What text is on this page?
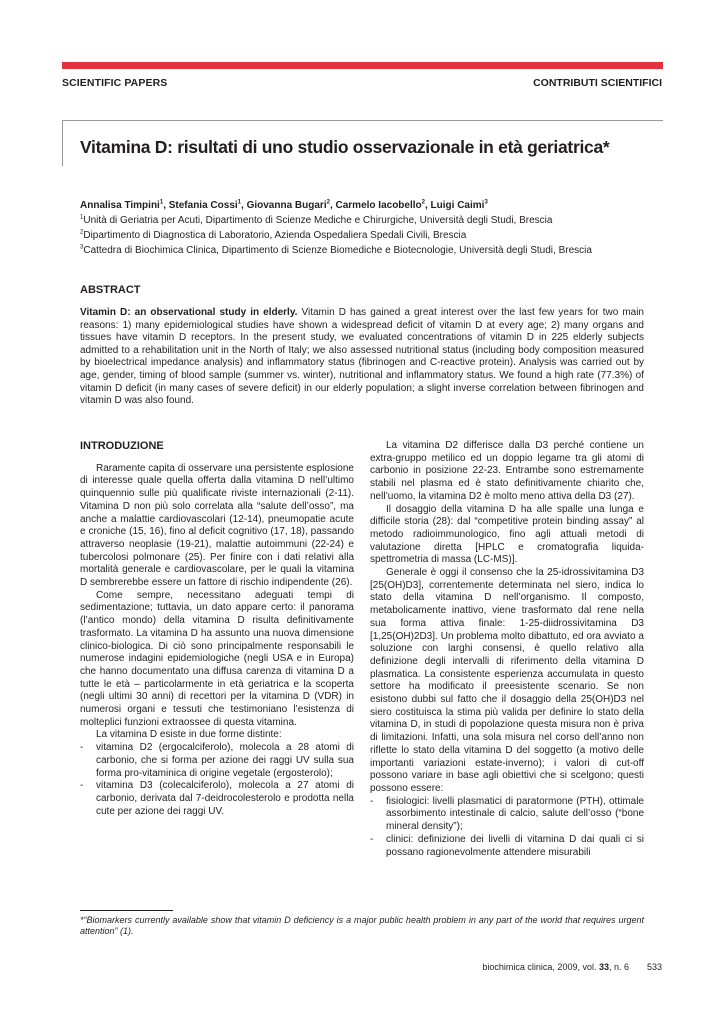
SCIENTIFIC PAPERS	CONTRIBUTI SCIENTIFICI
Vitamina D: risultati di uno studio osservazionale in età geriatrica*
Annalisa Timpini$^1$, Stefania Cossi$^1$, Giovanna Bugari$^2$, Carmelo Iacobello$^2$, Luigi Caimi$^3$
$^1$Unità di Geriatria per Acuti, Dipartimento di Scienze Mediche e Chirurgiche, Università degli Studi, Brescia
$^2$Dipartimento di Diagnostica di Laboratorio, Azienda Ospedaliera Spedali Civili, Brescia
$^3$Cattedra di Biochimica Clinica, Dipartimento di Scienze Biomediche e Biotecnologie, Università degli Studi, Brescia
ABSTRACT
Vitamin D: an observational study in elderly. Vitamin D has gained a great interest over the last few years for two main reasons: 1) many epidemiological studies have shown a widespread deficit of vitamin D at every age; 2) many organs and tissues have vitamin D receptors. In the present study, we evaluated concentrations of vitamin D in 225 elderly subjects admitted to a rehabilitation unit in the North of Italy; we also assessed nutritional status (including body composition measured by bioelectrical impedance analysis) and inflammatory status (fibrinogen and C-reactive protein). Analysis was carried out by age, gender, timing of blood sample (summer vs. winter), nutritional and inflammatory status. We found a high rate (77.3%) of vitamin D deficit (in many cases of severe deficit) in our elderly population; a slight inverse correlation between fibrinogen and vitamin D was also found.
INTRODUZIONE

Raramente capita di osservare una persistente esplosione di interesse quale quella offerta dalla vitamina D nell’ultimo quinquennio sulle più qualificate riviste internazionali (2-11). Vitamina D non più solo correlata alla “salute dell’osso”, ma anche a malattie cardiovascolari (12-14), pneumopatie acute e croniche (15, 16), fino al deficit cognitivo (17, 18), passando attraverso neoplasie (19-21), malattie autoimmuni (22-24) e tubercolosi polmonare (25). Per finire con i dati relativi alla mortalità generale e cardiovascolare, per le quali la vitamina D sembrerebbe essere un fattore di rischio indipendente (26).

Come sempre, necessitano adeguati tempi di sedimentazione; tuttavia, un dato appare certo: il panorama (l’antico mondo) della vitamina D risulta definitivamente trasformato. La vitamina D ha assunto una nuova dimensione clinico-biologica. Di ciò sono principalmente responsabili le numerose indagini epidemiologiche (negli USA e in Europa) che hanno documentato una diffusa carenza di vitamina D a tutte le età – particolarmente in età geriatrica e la scoperta (negli ultimi 30 anni) di recettori per la vitamina D (VDR) in numerosi organi e tessuti che testimoniano l’esistenza di molteplici funzioni extraossee di questa vitamina.

La vitamina D esiste in due forme distinte:

-	vitamina D2 (ergocalciferolo), molecola a 28 atomi di carbonio, che si forma per azione dei raggi UV sulla sua forma pro-vitaminica di origine vegetale (ergosterolo);
-	vitamina D3 (colecalciferolo), molecola a 27 atomi di carbonio, derivata dal 7-deidrocolesterolo e prodotta nella cute per azione dei raggi UV.

La vitamina D2 differisce dalla D3 perché contiene un extra-gruppo metilico ed un doppio legame tra gli atomi di carbonio in posizione 22-23. Entrambe sono estremamente stabili nel plasma ed è stato definitivamente chiarito che, nell’uomo, la vitamina D2 è molto meno attiva della D3 (27).

Il dosaggio della vitamina D ha alle spalle una lunga e difficile storia (28): dal “competitive protein binding assay” al metodo radioimmunologico, fino agli attuali metodi di valutazione diretta [HPLC e cromatografia liquida-spettrometria di massa (LC-MS)].

Generale è oggi il consenso che la 25-idrossivitamina D3 [25(OH)D3], correntemente determinata nel siero, indica lo stato della vitamina D nell’organismo. Il composto, metabolicamente inattivo, viene trasformato dal rene nella sua forma attiva finale: 1-25-diidrossivitamina D3 [1,25(OH)2D3]. Un problema molto dibattuto, ed ora avviato a soluzione con larghi consensi, è quello relativo alla definizione degli intervalli di riferimento della vitamina D plasmatica. La consistente esperienza accumulata in questo settore ha modificato il preesistente scenario. Se non esistono dubbi sul fatto che il dosaggio della 25(OH)D3 nel siero costituisca la stima più valida per definire lo stato della vitamina D, in studi di popolazione questa misura non è priva di limitazioni. Infatti, una sola misura nel corso dell’anno non riflette lo stato della vitamina D del soggetto (a motivo delle importanti variazioni estate-inverno); i valori di cut-off possono variare in base agli obiettivi che si scelgono; questi possono essere:

-	fisiologici: livelli plasmatici di paratormone (PTH), ottimale assorbimento intestinale di calcio, salute dell’osso (“bone mineral density”);
-	clinici: definizione dei livelli di vitamina D dai quali ci si possano ragionevolmente attendere misurabili
*“Biomarkers currently available show that vitamin D deficiency is a major public health problem in any part of the world that requires urgent attention” (1).
biochimica clinica, 2009, vol. 33, n. 6 533
